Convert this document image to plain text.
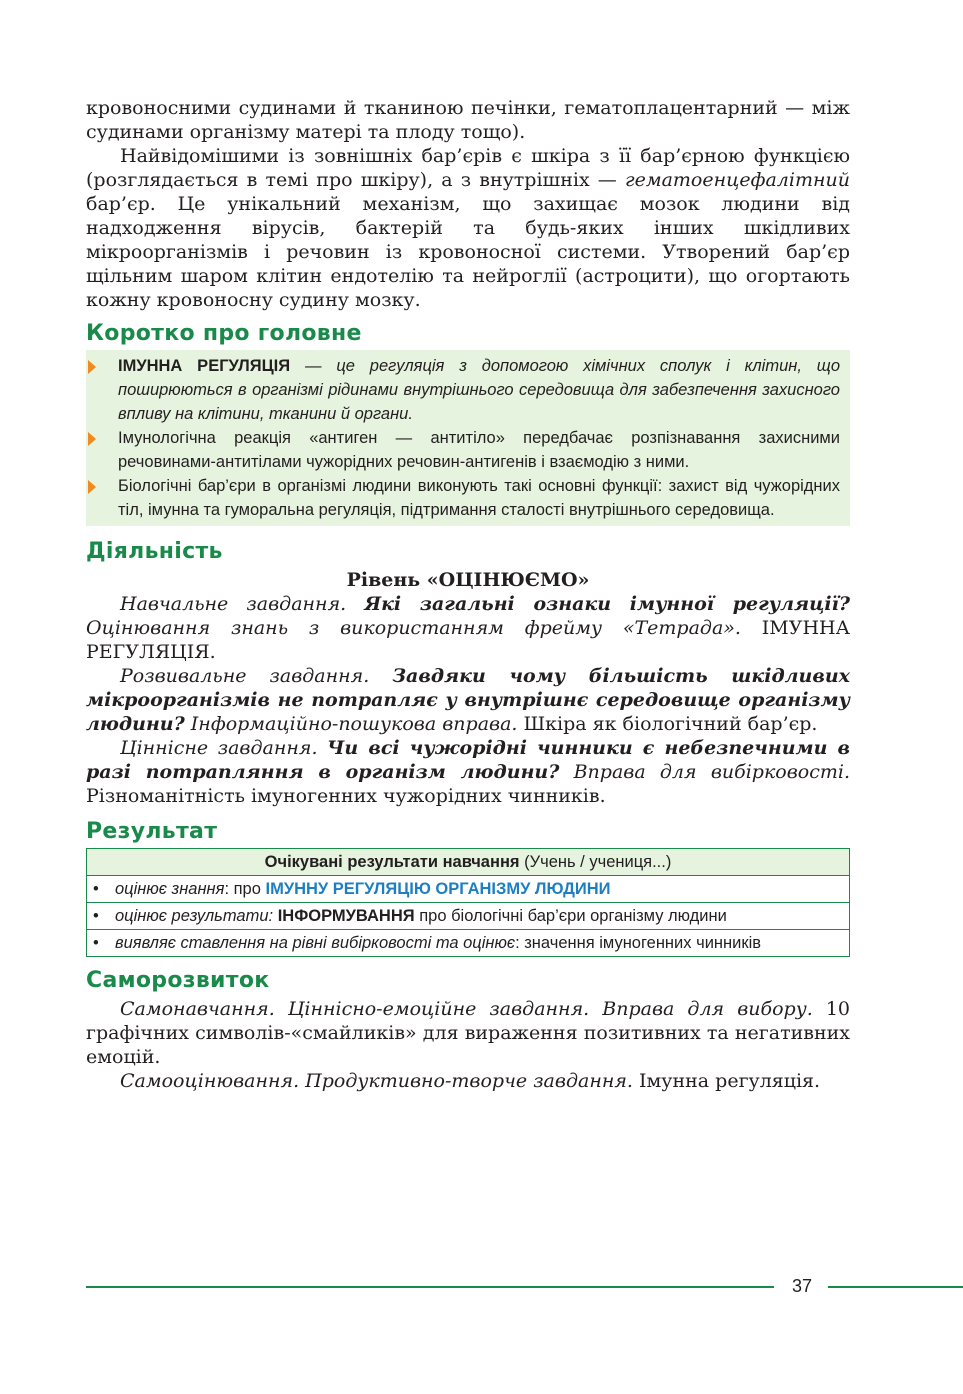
кровоносними судинами й тканиною печінки, гематоплацентарний — між судинами організму матері та плоду тощо).

Найвідомішими із зовнішніх бар’єрів є шкіра з її бар’єрною функцією (розглядається в темі про шкіру), а з внутрішніх — гематоенцефалітний бар’єр. Це унікальний механізм, що захищає мозок людини від надходження вірусів, бактерій та будь-яких інших шкідливих мікроорганізмів і речовин із кровоносної системи. Утворений бар’єр щільним шаром клітин ендотелію та нейроглії (астроцити), що огортають кожну кровоносну судину мозку.

Коротко про головне
ІМУННА РЕГУЛЯЦІЯ — це регуляція з допомогою хімічних сполук і клітин, що поширюються в організмі рідинами внутрішнього середовища для забезпечення захисного впливу на клітини, тканини й органи.
Імунологічна реакція «антиген — антитіло» передбачає розпізнавання захисними речовинами-антитілами чужорідних речовин-антигенів і взаємодію з ними.
Біологічні бар’єри в організмі людини виконують такі основні функції: захист від чужорідних тіл, імунна та гуморальна регуляція, підтримання сталості внутрішнього середовища.
Діяльність

Рівень «ОЦІНЮЄМО»

Навчальне завдання. Які загальні ознаки імунної регуляції? Оцінювання знань з використанням фрейму «Тетрада». ІМУННА РЕГУЛЯЦІЯ.

Розвивальне завдання. Завдяки чому більшість шкідливих мікроорганізмів не потрапляє у внутрішнє середовище організму людини? Інформаційно-пошукова вправа. Шкіра як біологічний бар’єр.

Ціннісне завдання. Чи всі чужорідні чинники є небезпечними в разі потрапляння в організм людини? Вправа для вибірковості. Різноманітність імуногенних чужорідних чинників.

Результат
Очікувані результати навчання (Учень / учениця...)
• оцінює знання: про ІМУННУ РЕГУЛЯЦІЮ ОРГАНІЗМУ ЛЮДИНИ
• оцінює результати: ІНФОРМУВАННЯ про біологічні бар’єри організму людини
• виявляє ставлення на рівні вибірковості та оцінює: значення імуногенних чинників
Саморозвиток

Самонавчання. Ціннісно-емоційне завдання. Вправа для вибору. 10 графічних символів-«смайликів» для вираження позитивних та негативних емоцій.

Самооцінювання. Продуктивно-творче завдання. Імунна регуляція.

37
